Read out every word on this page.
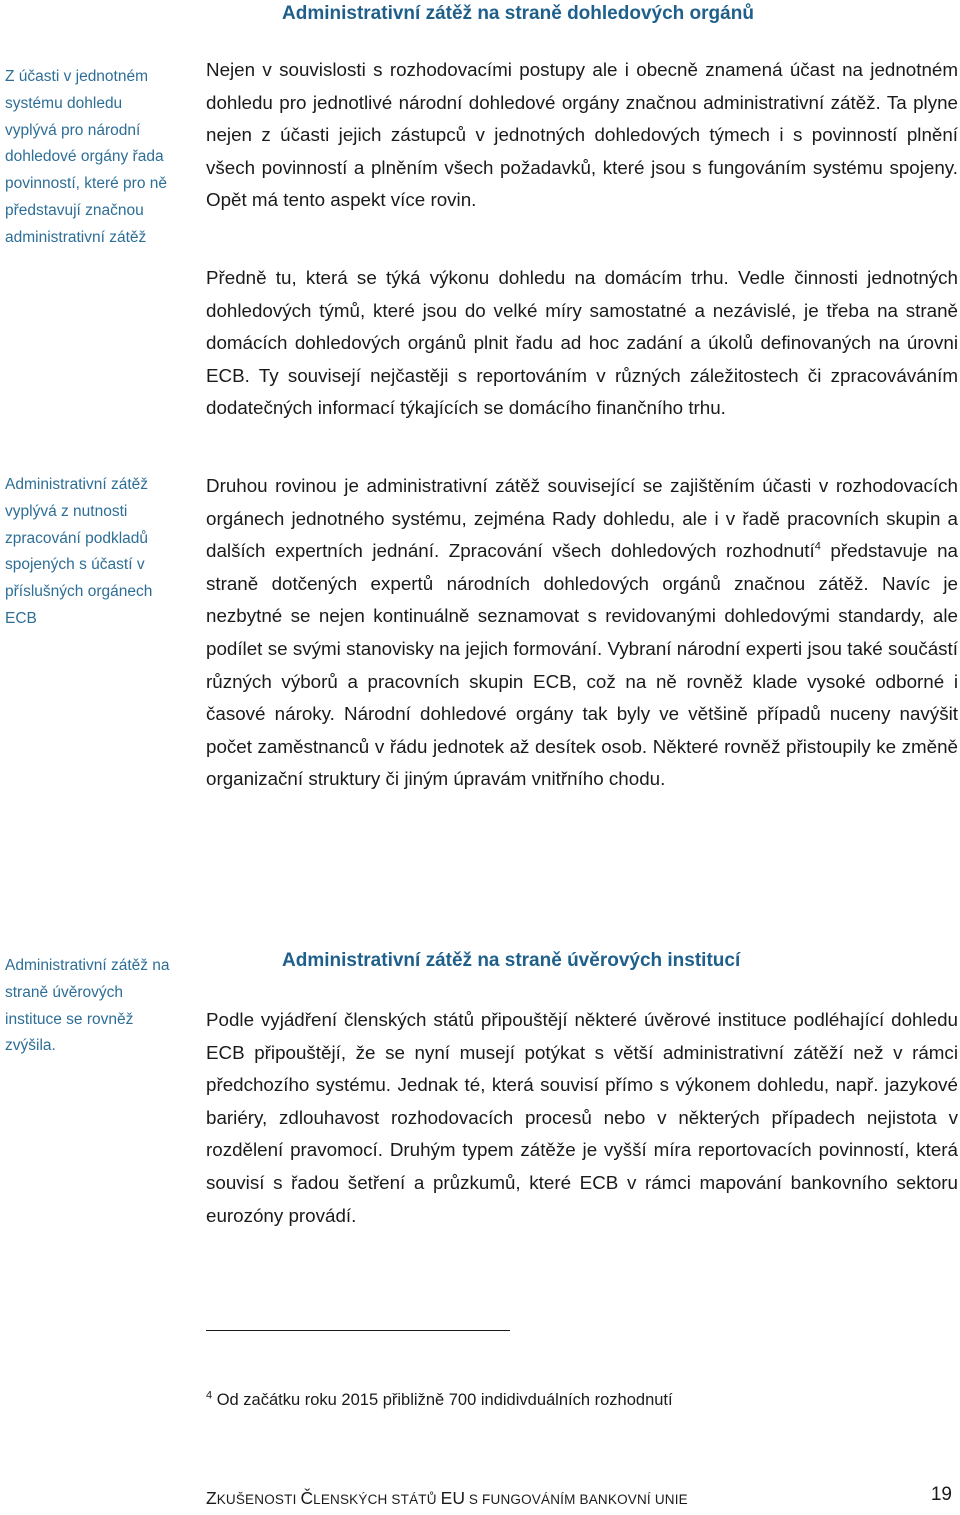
Administrativní zátěž na straně dohledových orgánů
Z účasti v jednotném systému dohledu vyplývá pro národní dohledové orgány řada povinností, které pro ně představují značnou administrativní zátěž
Administrativní zátěž vyplývá z nutnosti zpracování podkladů spojených s účastí v příslušných orgánech ECB
Nejen v souvislosti s rozhodovacími postupy ale i obecně znamená účast na jednotném dohledu pro jednotlivé národní dohledové orgány značnou administrativní zátěž. Ta plyne nejen z účasti jejich zástupců v jednotných dohledových týmech i s povinností plnění všech povinností a plněním všech požadavků, které jsou s fungováním systému spojeny. Opět má tento aspekt více rovin.
Předně tu, která se týká výkonu dohledu na domácím trhu. Vedle činnosti jednotných dohledových týmů, které jsou do velké míry samostatné a nezávislé, je třeba na straně domácích dohledových orgánů plnit řadu ad hoc zadání a úkolů definovaných na úrovni ECB. Ty souvisejí nejčastěji s reportováním v různých záležitostech či zpracováváním dodatečných informací týkajících se domácího finančního trhu.
Druhou rovinou je administrativní zátěž související se zajištěním účasti v rozhodovacích orgánech jednotného systému, zejména Rady dohledu, ale i v řadě pracovních skupin a dalších expertních jednání. Zpracování všech dohledových rozhodnutí$^4$ představuje na straně dotčených expertů národních dohledových orgánů značnou zátěž. Navíc je nezbytné se nejen kontinuálně seznamovat s revidovanými dohledovými standardy, ale podílet se svými stanovisky na jejich formování. Vybraní národní experti jsou také součástí různých výborů a pracovních skupin ECB, což na ně rovněž klade vysoké odborné i časové nároky. Národní dohledové orgány tak byly ve většině případů nuceny navýšit počet zaměstnanců v řádu jednotek až desítek osob. Některé rovněž přistoupily ke změně organizační struktury či jiným úpravám vnitřního chodu.
Administrativní zátěž na straně úvěrových institucí
Administrativní zátěž na straně úvěrových instituce se rovněž zvýšila.
Podle vyjádření členských států připouštějí některé úvěrové instituce podléhající dohledu ECB připouštějí, že se nyní musejí potýkat s větší administrativní zátěží než v rámci předchozího systému. Jednak té, která souvisí přímo s výkonem dohledu, např. jazykové bariéry, zdlouhavost rozhodovacích procesů nebo v některých případech nejistota v rozdělení pravomocí. Druhým typem zátěže je vyšší míra reportovacích povinností, která souvisí s řadou šetření a průzkumů, které ECB v rámci mapování bankovního sektoru eurozóny provádí.
$^4$ Od začátku roku 2015 přibližně 700 indidivduálních rozhodnutí
ZKUŠENOSTI ČLENSKÝCH STÁTŮ EU S FUNGOVÁNÍM BANKOVNÍ UNIE	19
